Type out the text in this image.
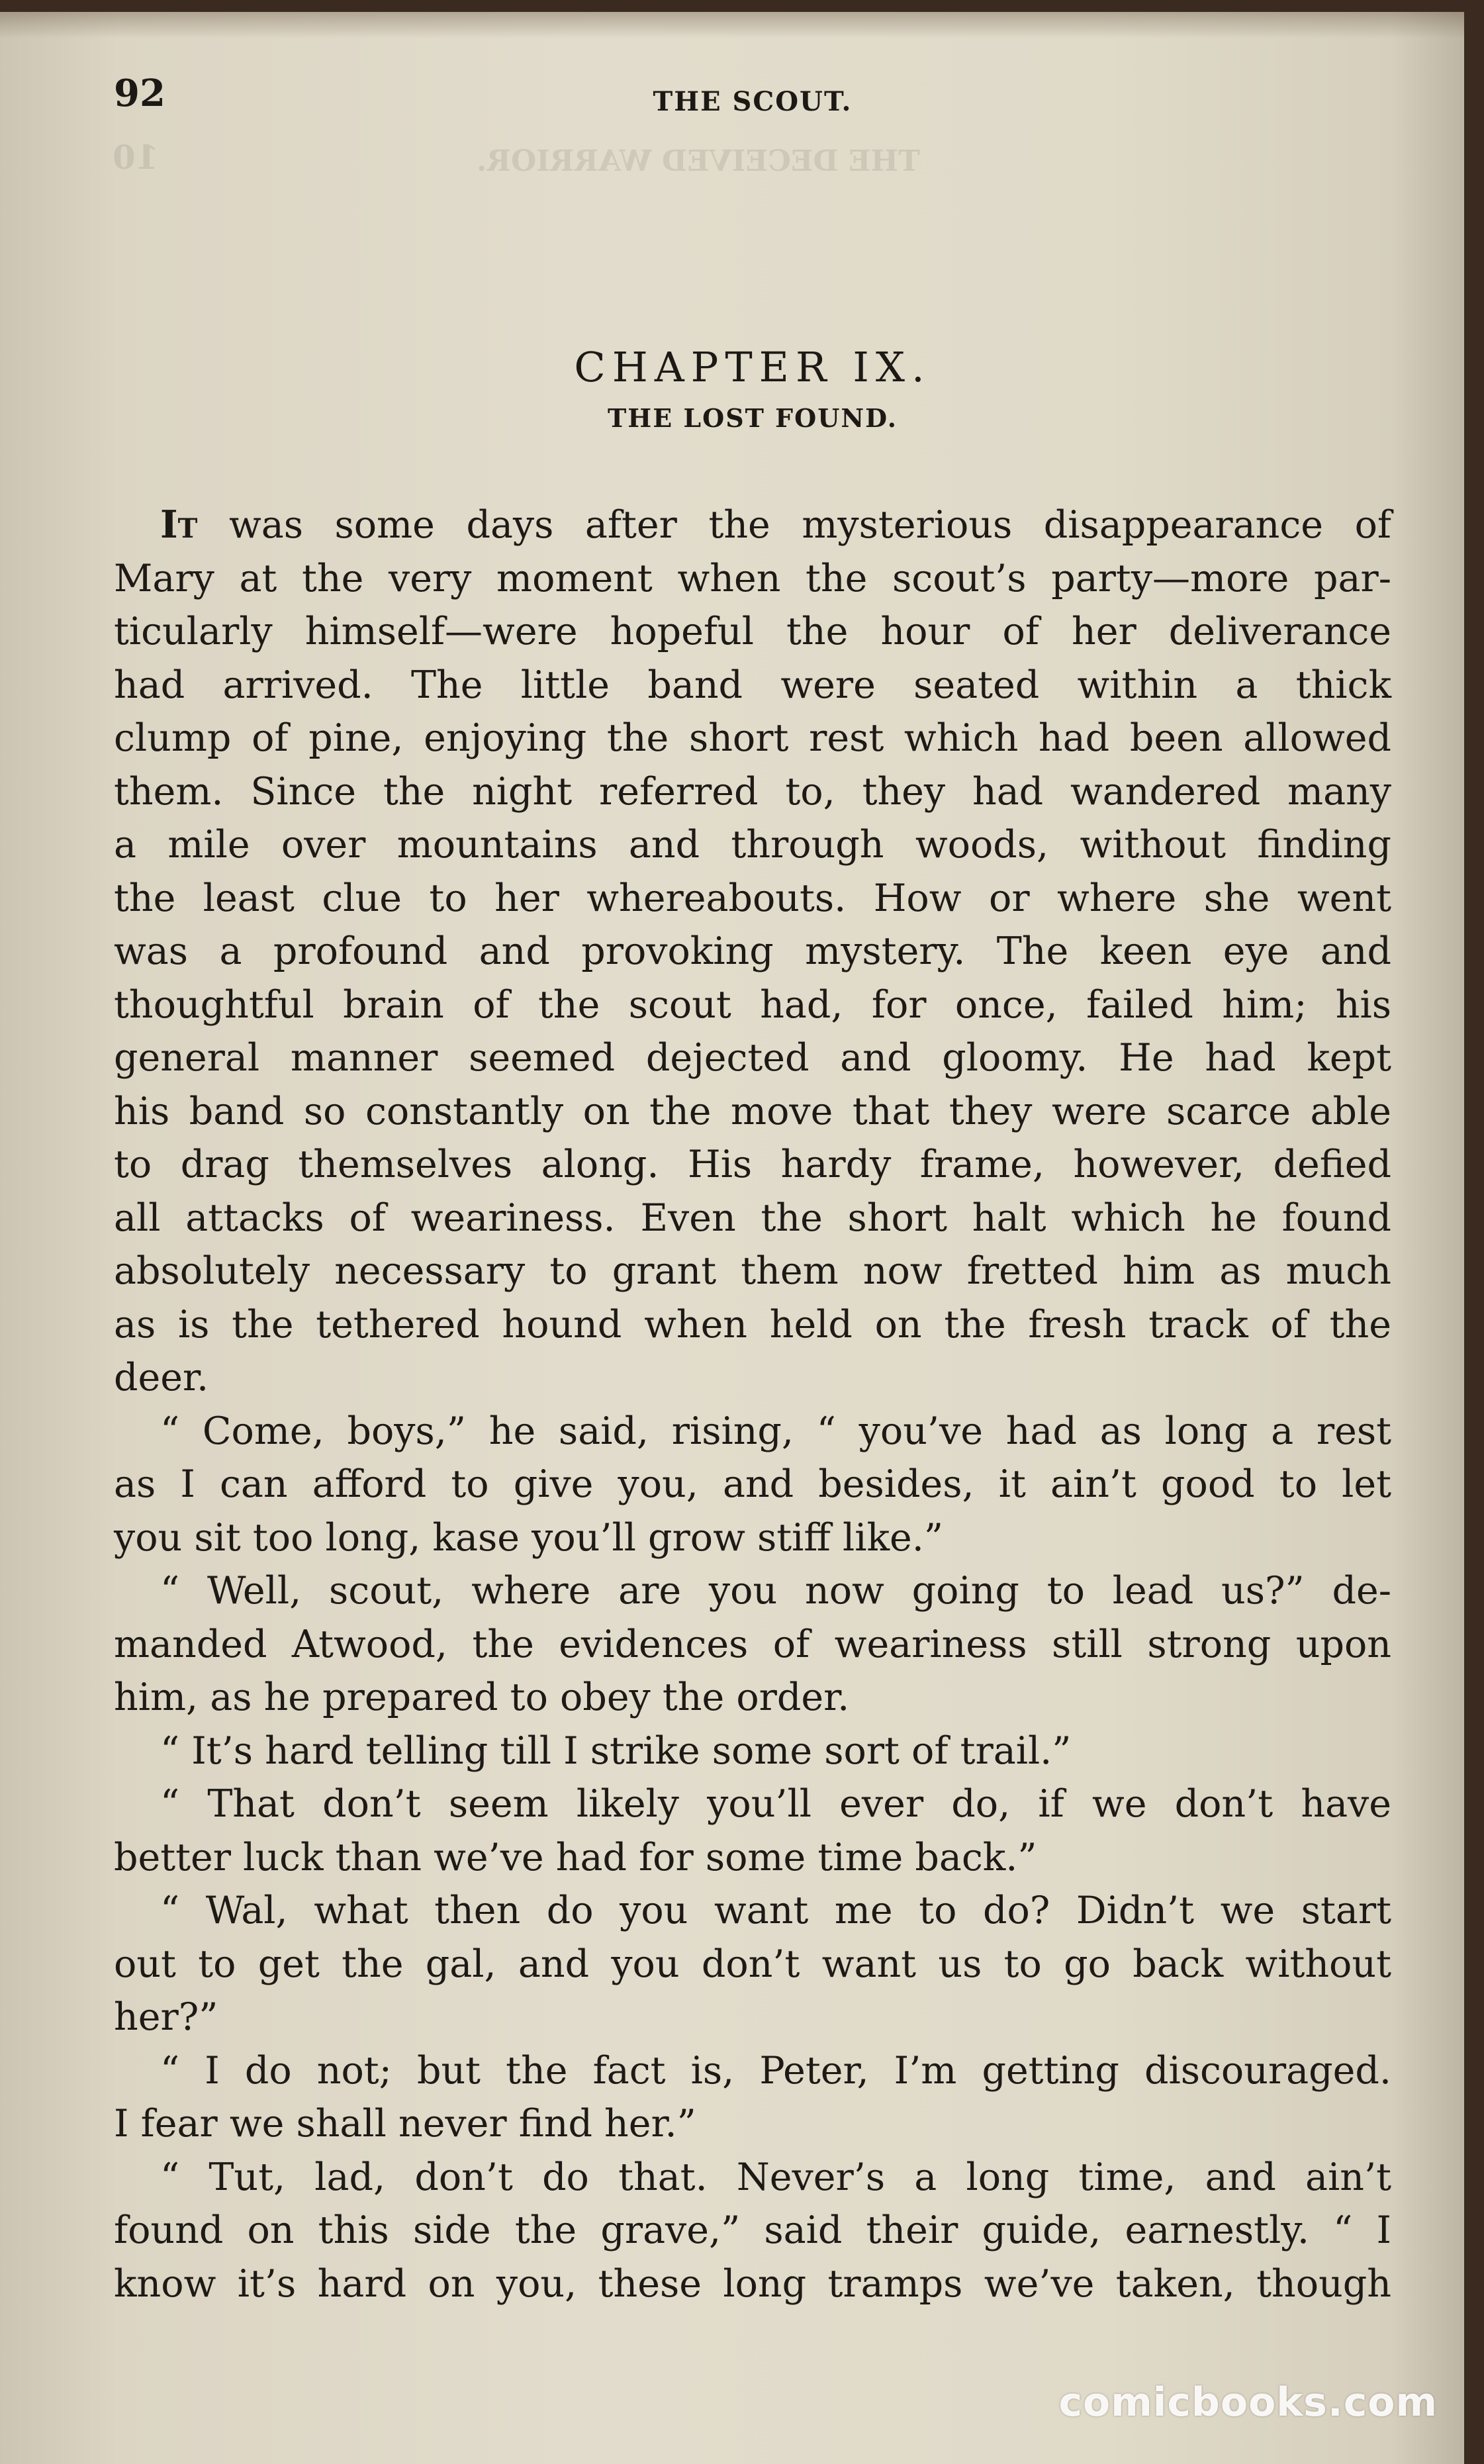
THE DECEIVED WARRIOR.
10
92	THE SCOUT.
CHAPTER IX.
THE LOST FOUND.
It was some days after the mysterious disappearance of
Mary at the very moment when the scout’s party—more par-
ticularly himself—were hopeful the hour of her deliverance
had arrived. The little band were seated within a thick
clump of pine, enjoying the short rest which had been allowed
them. Since the night referred to, they had wandered many
a mile over mountains and through woods, without finding
the least clue to her whereabouts. How or where she went
was a profound and provoking mystery. The keen eye and
thoughtful brain of the scout had, for once, failed him; his
general manner seemed dejected and gloomy. He had kept
his band so constantly on the move that they were scarce able
to drag themselves along. His hardy frame, however, defied
all attacks of weariness. Even the short halt which he found
absolutely necessary to grant them now fretted him as much
as is the tethered hound when held on the fresh track of the
deer.
“ Come, boys,” he said, rising, “ you’ve had as long a rest
as I can afford to give you, and besides, it ain’t good to let
you sit too long, kase you’ll grow stiff like.”
“ Well, scout, where are you now going to lead us?” de-
manded Atwood, the evidences of weariness still strong upon
him, as he prepared to obey the order.
“ It’s hard telling till I strike some sort of trail.”
“ That don’t seem likely you’ll ever do, if we don’t have
better luck than we’ve had for some time back.”
“ Wal, what then do you want me to do? Didn’t we start
out to get the gal, and you don’t want us to go back without
her?”
“ I do not; but the fact is, Peter, I’m getting discouraged.
I fear we shall never find her.”
“ Tut, lad, don’t do that. Never’s a long time, and ain’t
found on this side the grave,” said their guide, earnestly. “ I
know it’s hard on you, these long tramps we’ve taken, though
comicbooks.com
